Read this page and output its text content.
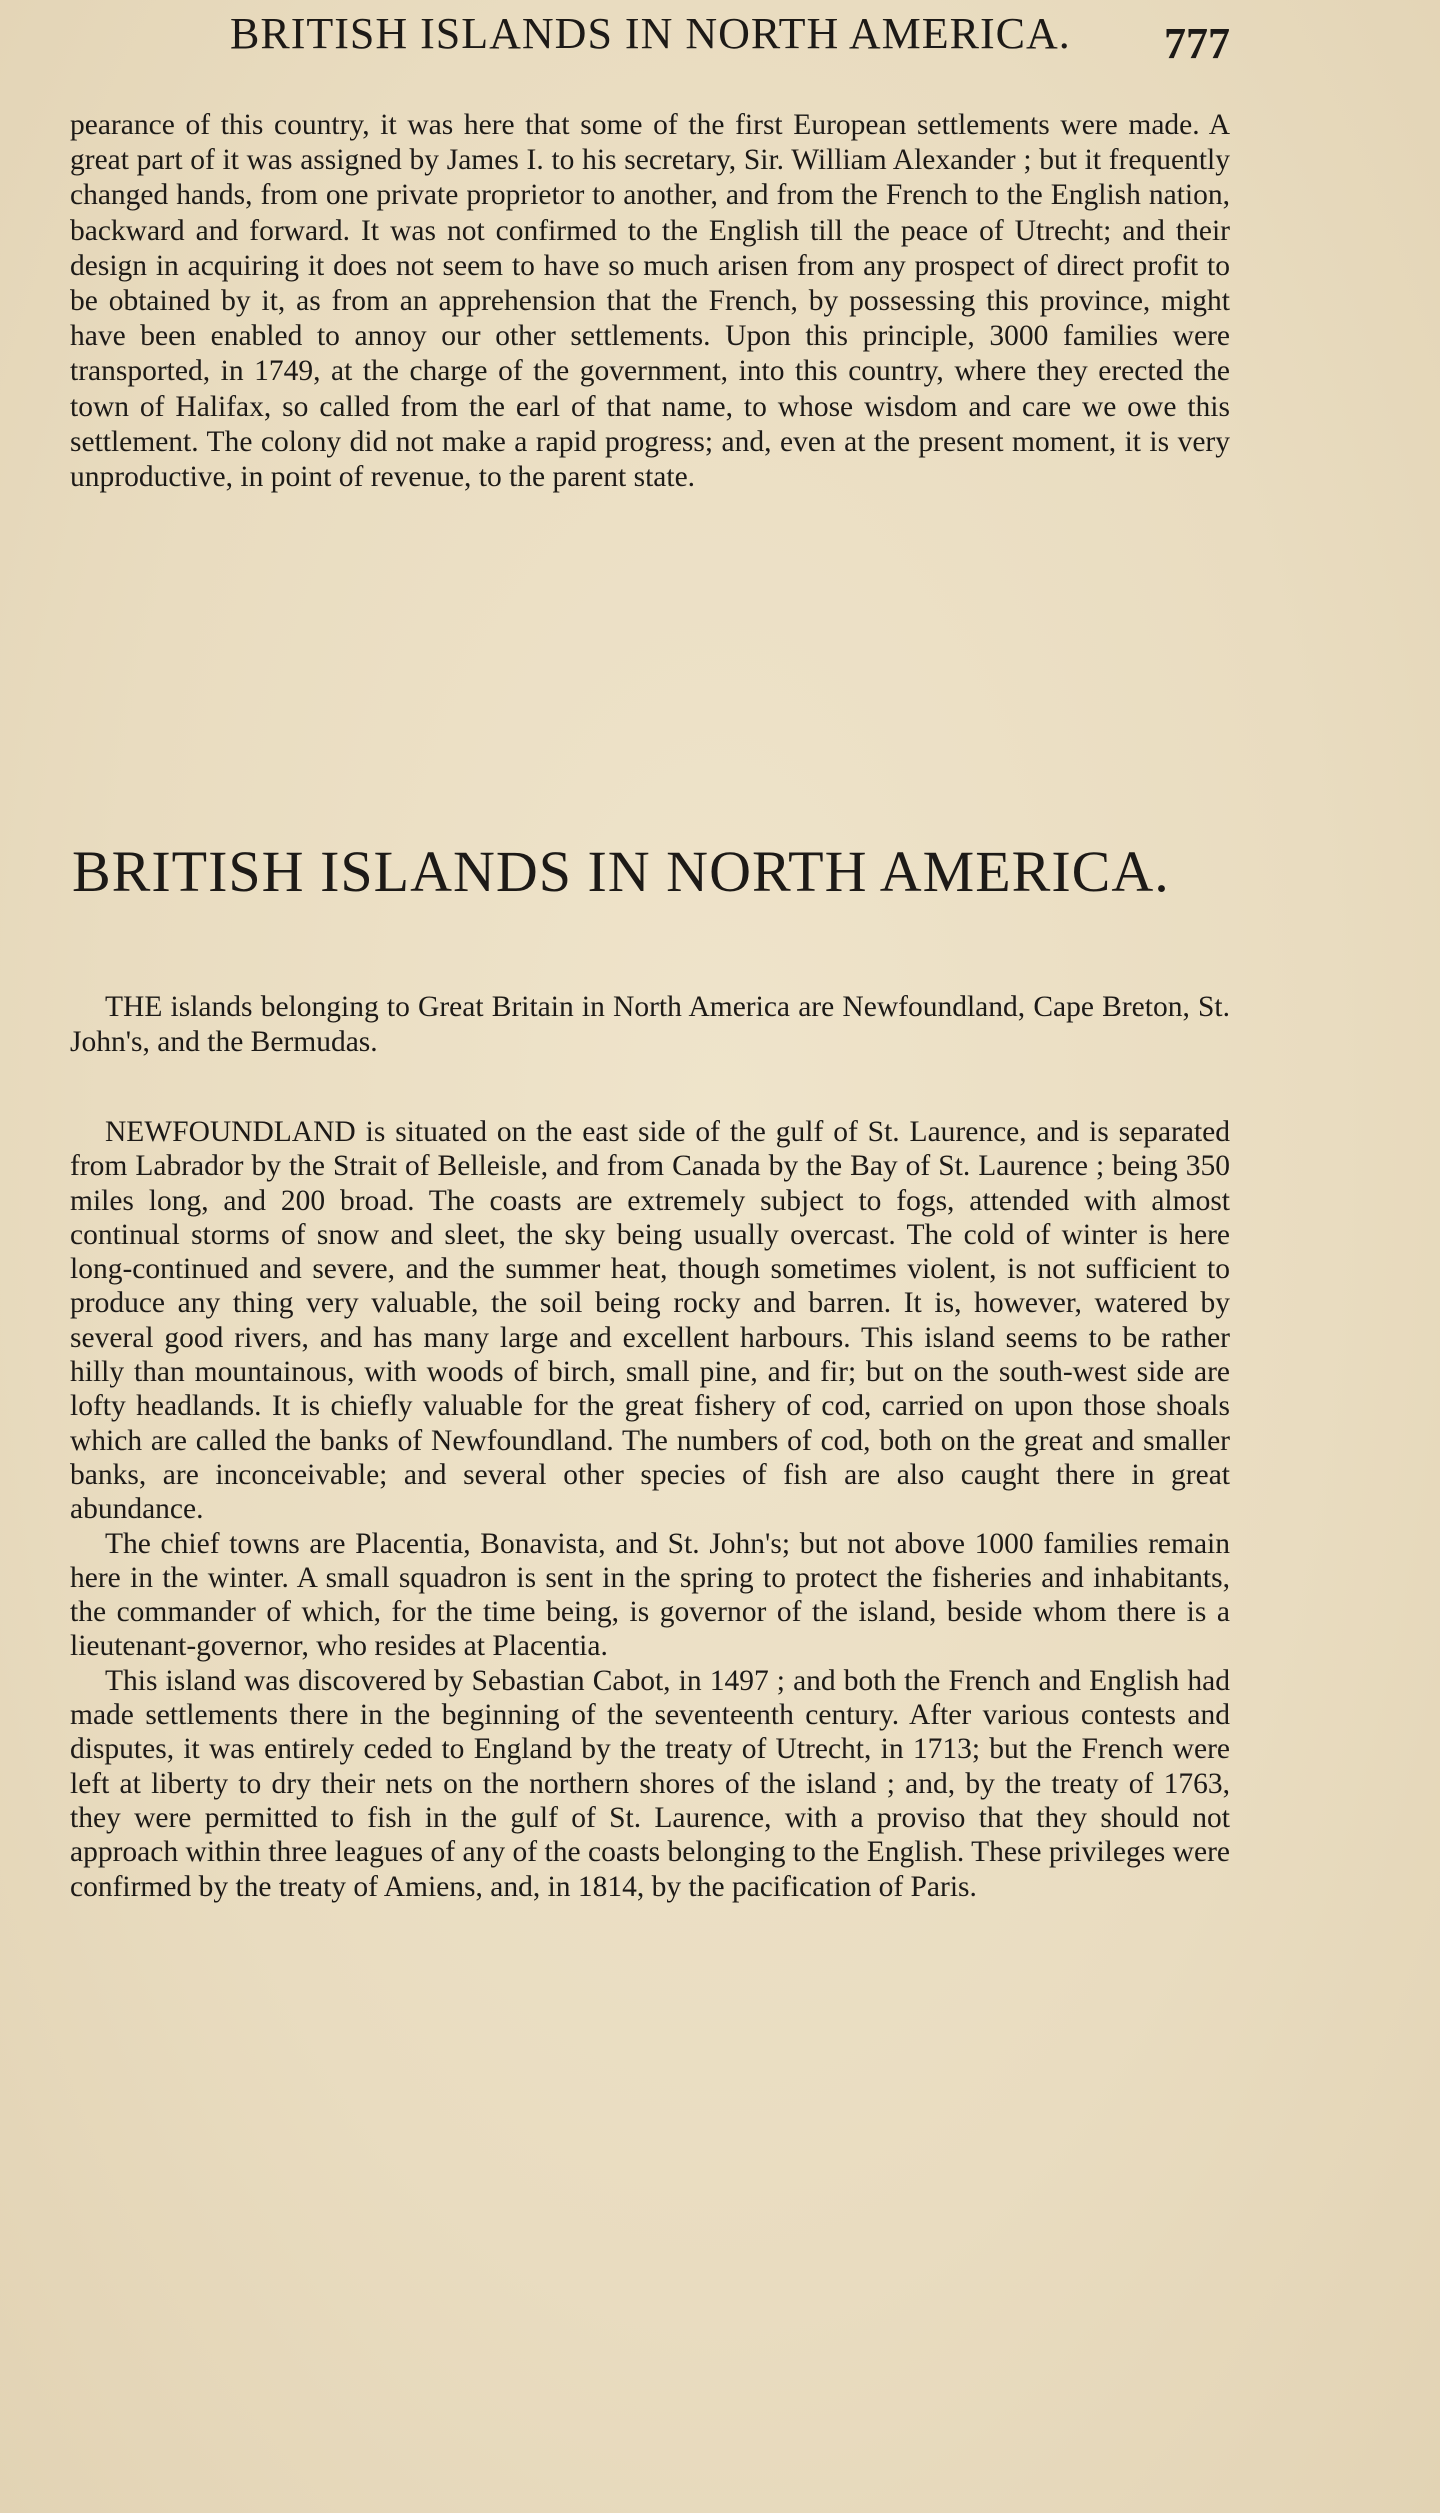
BRITISH ISLANDS IN NORTH AMERICA. 777

pearance of this country, it was here that some of the first European settlements were made. A great part of it was assigned by James I. to his secretary, Sir. William Alexander ; but it frequently changed hands, from one private proprietor to another, and from the French to the English nation, backward and forward. It was not confirmed to the English till the peace of Utrecht; and their design in acquiring it does not seem to have so much arisen from any prospect of direct profit to be obtained by it, as from an apprehension that the French, by possessing this province, might have been enabled to annoy our other settlements. Upon this principle, 3000 families were transported, in 1749, at the charge of the government, into this country, where they erected the town of Halifax, so called from the earl of that name, to whose wisdom and care we owe this settlement. The colony did not make a rapid progress; and, even at the present moment, it is very unproductive, in point of revenue, to the parent state.

BRITISH ISLANDS IN NORTH AMERICA.

THE islands belonging to Great Britain in North America are Newfoundland, Cape Breton, St. John's, and the Bermudas.

NEWFOUNDLAND is situated on the east side of the gulf of St. Laurence, and is separated from Labrador by the Strait of Belleisle, and from Canada by the Bay of St. Laurence ; being 350 miles long, and 200 broad. The coasts are extremely subject to fogs, attended with almost continual storms of snow and sleet, the sky being usually overcast. The cold of winter is here long-continued and severe, and the summer heat, though sometimes violent, is not sufficient to produce any thing very valuable, the soil being rocky and barren. It is, however, watered by several good rivers, and has many large and excellent harbours. This island seems to be rather hilly than mountainous, with woods of birch, small pine, and fir; but on the south-west side are lofty headlands. It is chiefly valuable for the great fishery of cod, carried on upon those shoals which are called the banks of Newfoundland. The numbers of cod, both on the great and smaller banks, are inconceivable; and several other species of fish are also caught there in great abundance.

The chief towns are Placentia, Bonavista, and St. John's; but not above 1000 families remain here in the winter. A small squadron is sent in the spring to protect the fisheries and inhabitants, the commander of which, for the time being, is governor of the island, beside whom there is a lieutenant-governor, who resides at Placentia.

This island was discovered by Sebastian Cabot, in 1497 ; and both the French and English had made settlements there in the beginning of the seventeenth century. After various contests and disputes, it was entirely ceded to England by the treaty of Utrecht, in 1713; but the French were left at liberty to dry their nets on the northern shores of the island ; and, by the treaty of 1763, they were permitted to fish in the gulf of St. Laurence, with a proviso that they should not approach within three leagues of any of the coasts belonging to the English. These privileges were confirmed by the treaty of Amiens, and, in 1814, by the pacification of Paris.
